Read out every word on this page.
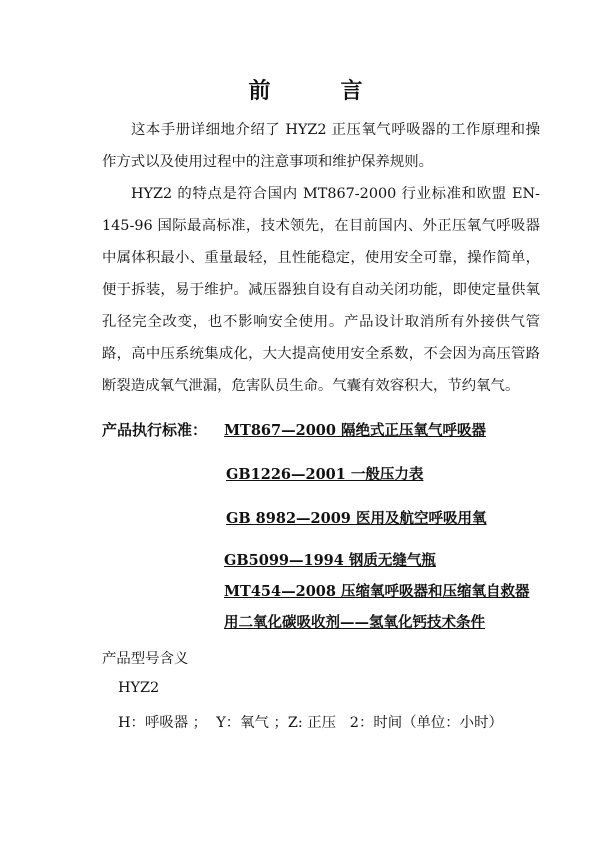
前　言

这本手册详细地介绍了 HYZ2 正压氧气呼吸器的工作原理和操作方式以及使用过程中的注意事项和维护保养规则。

HYZ2 的特点是符合国内 MT867-2000 行业标准和欧盟 EN-145-96 国际最高标准，技术领先，在目前国内、外正压氧气呼吸器中属体积最小、重量最轻，且性能稳定，使用安全可靠，操作简单，便于拆装，易于维护。减压器独自设有自动关闭功能，即使定量供氧孔径完全改变，也不影响安全使用。产品设计取消所有外接供气管路，高中压系统集成化，大大提高使用安全系数，不会因为高压管路断裂造成氧气泄漏，危害队员生命。气囊有效容积大，节约氧气。

产品执行标准： MT867—2000 隔绝式正压氧气呼吸器
GB1226—2001 一般压力表
GB 8982—2009 医用及航空呼吸用氧
GB5099—1994 钢质无缝气瓶
MT454—2008 压缩氧呼吸器和压缩氧自救器
用二氧化碳吸收剂——氢氧化钙技术条件
产品型号含义
HYZ2
H：呼吸器 ；  Y：氧气 ；Z: 正压   2：时间（单位：小时）
